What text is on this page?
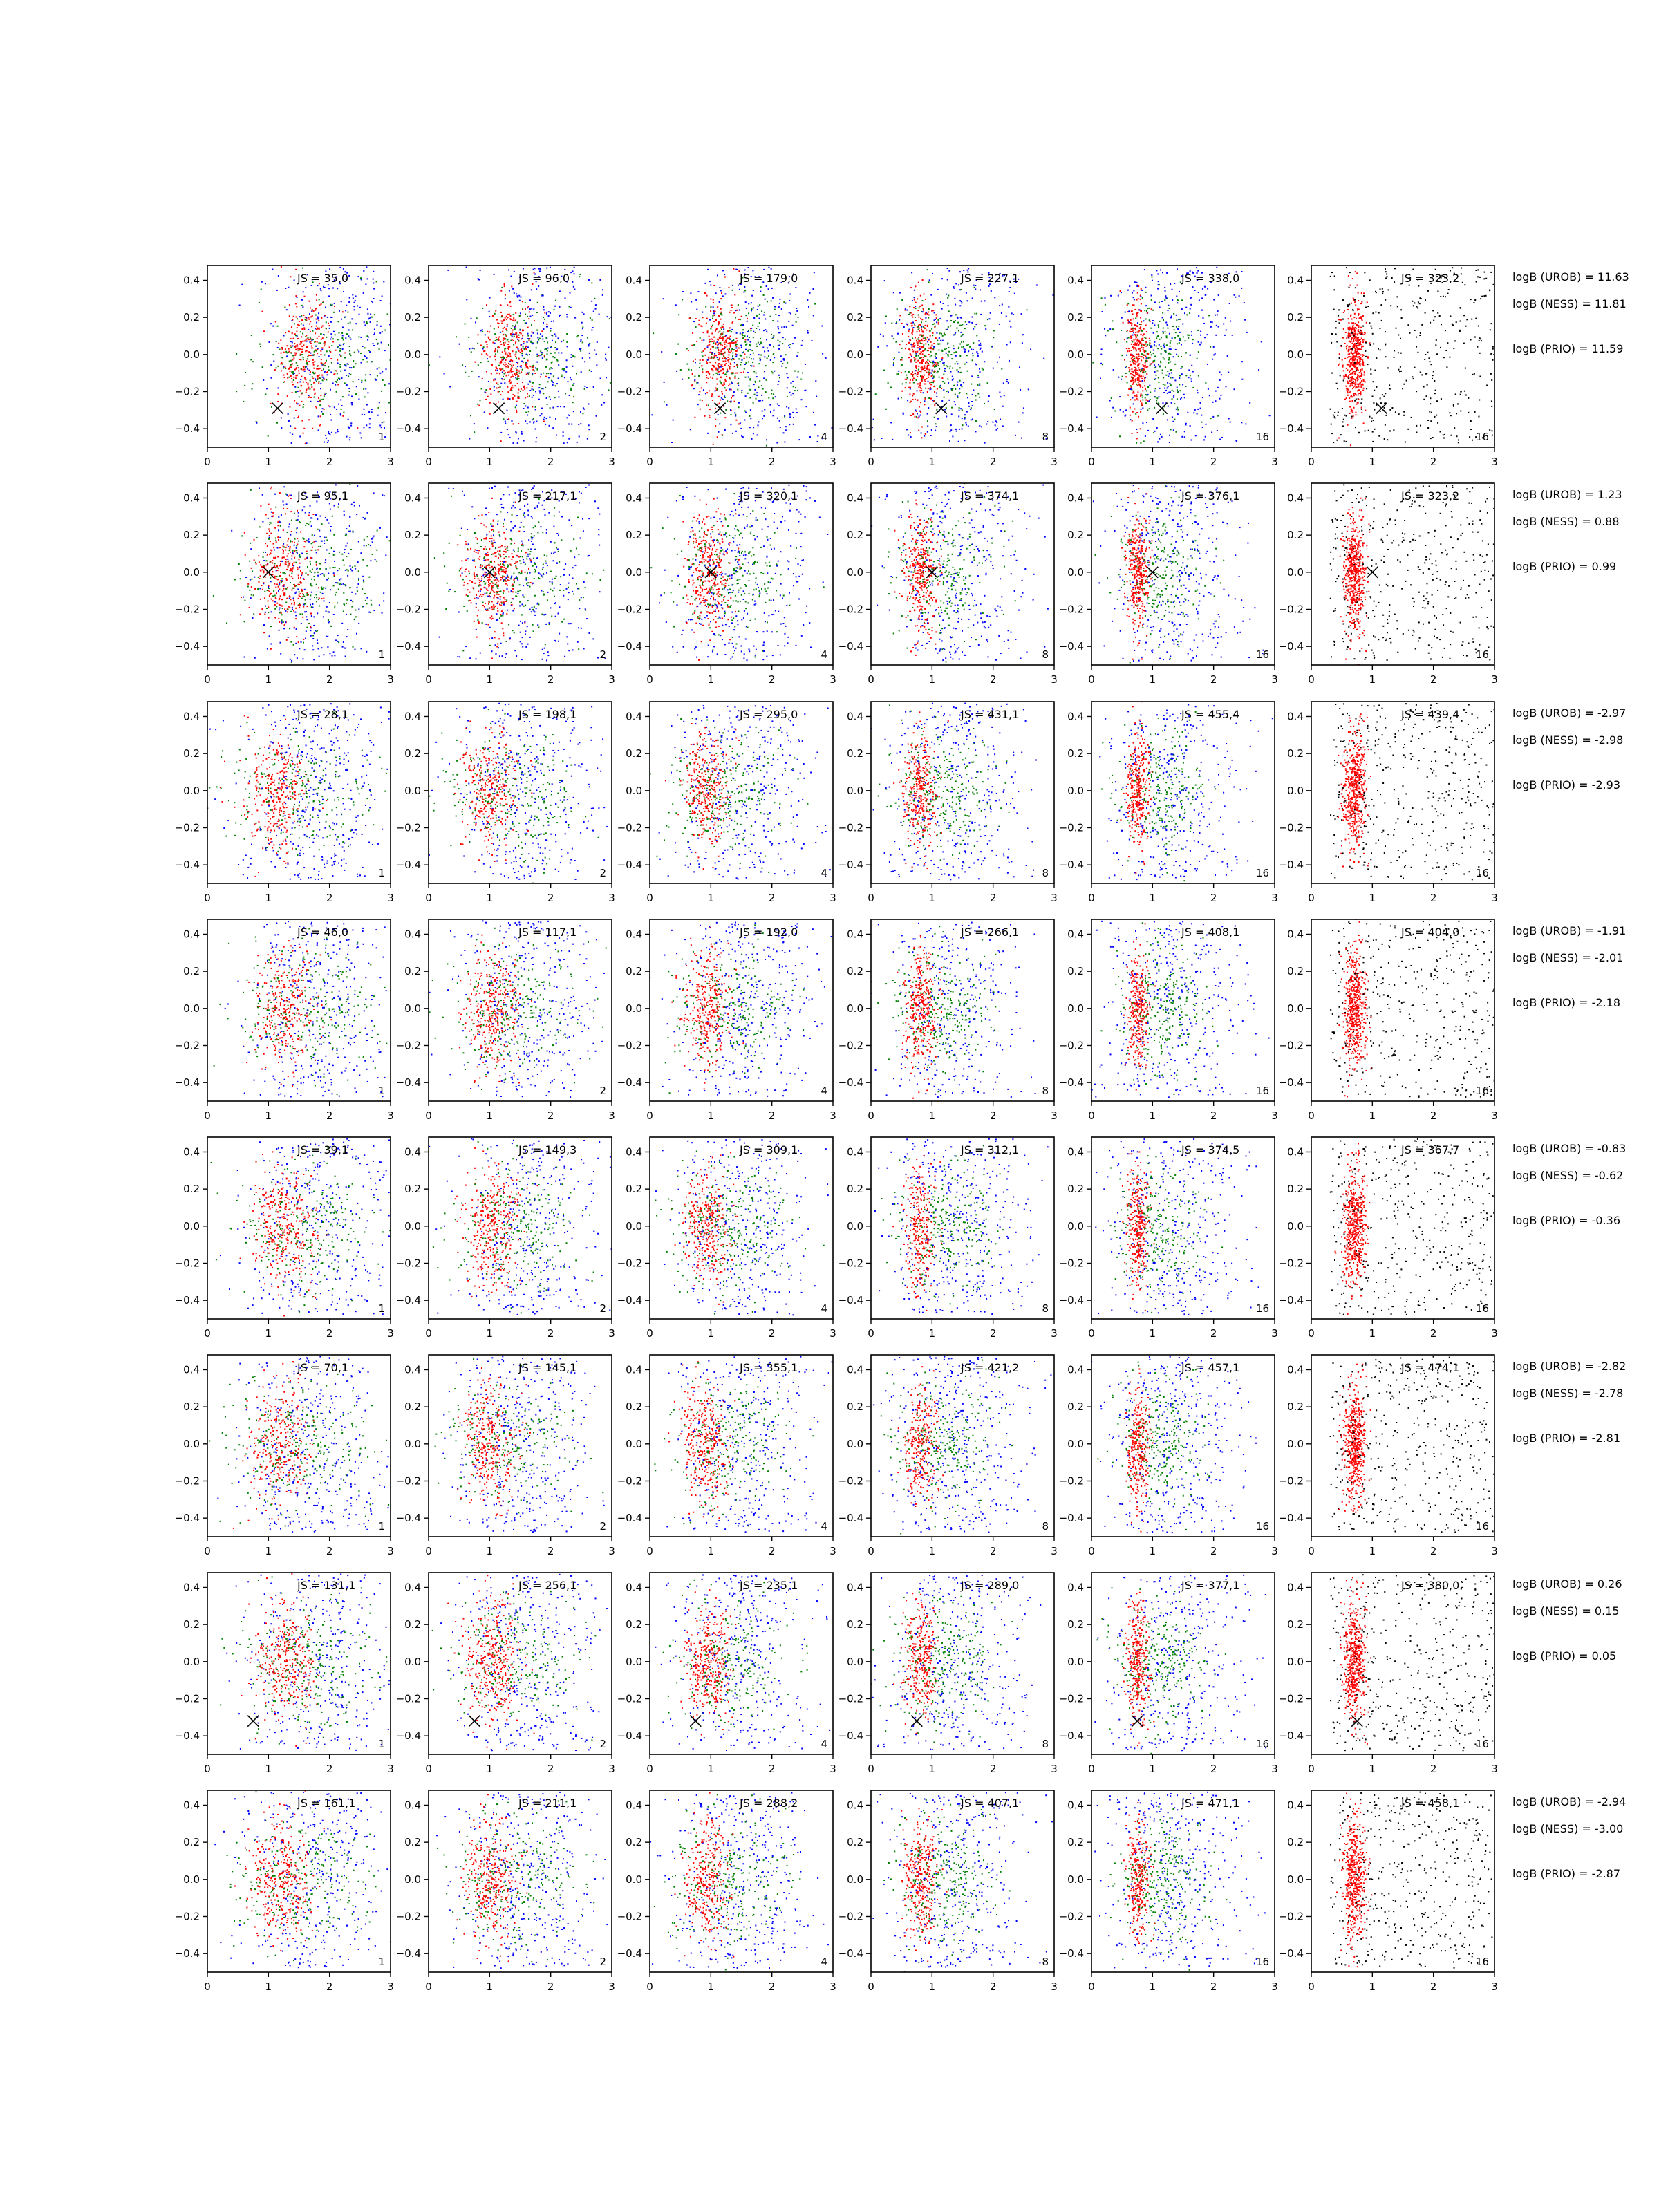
0	1	2	3
0.4
0.2
0.0
−0.2
−0.4
JS = 35,0
1
0	1	2	3
0.4
0.2
0.0
−0.2
−0.4
JS = 96,0
2
0	1	2	3
0.4
0.2
0.0
−0.2
−0.4
JS = 179,0
4
0	1	2	3
0.4
0.2
0.0
−0.2
−0.4
JS = 227,1
8
0	1	2	3
0.4
0.2
0.0
−0.2
−0.4
JS = 338,0
16
0	1	2	3
0.4
0.2
0.0
−0.2
−0.4
JS = 323,2
16
logB (UROB) = 11.63
logB (NESS) = 11.81
logB (PRIO) = 11.59
0	1	2	3
0.4
0.2
0.0
−0.2
−0.4
JS = 95,1
1
0	1	2	3
0.4
0.2
0.0
−0.2
−0.4
JS = 217,1
2
0	1	2	3
0.4
0.2
0.0
−0.2
−0.4
JS = 320,1
4
0	1	2	3
0.4
0.2
0.0
−0.2
−0.4
JS = 374,1
8
0	1	2	3
0.4
0.2
0.0
−0.2
−0.4
JS = 376,1
16
0	1	2	3
0.4
0.2
0.0
−0.2
−0.4
JS = 323,2
16
logB (UROB) = 1.23
logB (NESS) = 0.88
logB (PRIO) = 0.99
0	1	2	3
0.4
0.2
0.0
−0.2
−0.4
JS = 28,1
1
0	1	2	3
0.4
0.2
0.0
−0.2
−0.4
JS = 198,1
2
0	1	2	3
0.4
0.2
0.0
−0.2
−0.4
JS = 295,0
4
0	1	2	3
0.4
0.2
0.0
−0.2
−0.4
JS = 431,1
8
0	1	2	3
0.4
0.2
0.0
−0.2
−0.4
JS = 455,4
16
0	1	2	3
0.4
0.2
0.0
−0.2
−0.4
JS = 439,4
16
logB (UROB) = -2.97
logB (NESS) = -2.98
logB (PRIO) = -2.93
0	1	2	3
0.4
0.2
0.0
−0.2
−0.4
JS = 46,0
1
0	1	2	3
0.4
0.2
0.0
−0.2
−0.4
JS = 117,1
2
0	1	2	3
0.4
0.2
0.0
−0.2
−0.4
JS = 192,0
4
0	1	2	3
0.4
0.2
0.0
−0.2
−0.4
JS = 266,1
8
0	1	2	3
0.4
0.2
0.0
−0.2
−0.4
JS = 408,1
16
0	1	2	3
0.4
0.2
0.0
−0.2
−0.4
JS = 404,0
16
logB (UROB) = -1.91
logB (NESS) = -2.01
logB (PRIO) = -2.18
0	1	2	3
0.4
0.2
0.0
−0.2
−0.4
JS = 39,1
1
0	1	2	3
0.4
0.2
0.0
−0.2
−0.4
JS = 149,3
2
0	1	2	3
0.4
0.2
0.0
−0.2
−0.4
JS = 309,1
4
0	1	2	3
0.4
0.2
0.0
−0.2
−0.4
JS = 312,1
8
0	1	2	3
0.4
0.2
0.0
−0.2
−0.4
JS = 374,5
16
0	1	2	3
0.4
0.2
0.0
−0.2
−0.4
JS = 367,7
16
logB (UROB) = -0.83
logB (NESS) = -0.62
logB (PRIO) = -0.36
0	1	2	3
0.4
0.2
0.0
−0.2
−0.4
JS = 70,1
1
0	1	2	3
0.4
0.2
0.0
−0.2
−0.4
JS = 145,1
2
0	1	2	3
0.4
0.2
0.0
−0.2
−0.4
JS = 355,1
4
0	1	2	3
0.4
0.2
0.0
−0.2
−0.4
JS = 421,2
8
0	1	2	3
0.4
0.2
0.0
−0.2
−0.4
JS = 457,1
16
0	1	2	3
0.4
0.2
0.0
−0.2
−0.4
JS = 474,1
16
logB (UROB) = -2.82
logB (NESS) = -2.78
logB (PRIO) = -2.81
0	1	2	3
0.4
0.2
0.0
−0.2
−0.4
JS = 131,1
1
0	1	2	3
0.4
0.2
0.0
−0.2
−0.4
JS = 256,1
2
0	1	2	3
0.4
0.2
0.0
−0.2
−0.4
JS = 235,1
4
0	1	2	3
0.4
0.2
0.0
−0.2
−0.4
JS = 289,0
8
0	1	2	3
0.4
0.2
0.0
−0.2
−0.4
JS = 377,1
16
0	1	2	3
0.4
0.2
0.0
−0.2
−0.4
JS = 380,0
16
logB (UROB) = 0.26
logB (NESS) = 0.15
logB (PRIO) = 0.05
0	1	2	3
0.4
0.2
0.0
−0.2
−0.4
JS = 161,1
1
0	1	2	3
0.4
0.2
0.0
−0.2
−0.4
JS = 211,1
2
0	1	2	3
0.4
0.2
0.0
−0.2
−0.4
JS = 288,2
4
0	1	2	3
0.4
0.2
0.0
−0.2
−0.4
JS = 407,1
8
0	1	2	3
0.4
0.2
0.0
−0.2
−0.4
JS = 471,1
16
0	1	2	3
0.4
0.2
0.0
−0.2
−0.4
JS = 458,1
16
logB (UROB) = -2.94
logB (NESS) = -3.00
logB (PRIO) = -2.87
